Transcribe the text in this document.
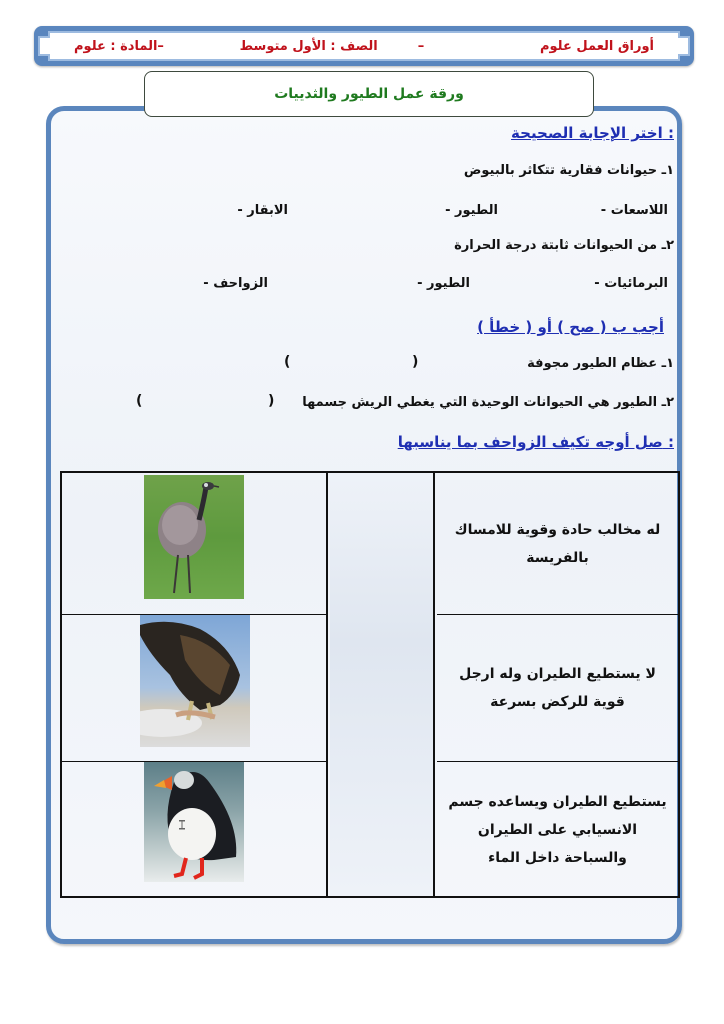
أوراق العمل علوم
–
الصف : الأول متوسط
–المادة : علوم
ورقة عمل الطيور والثدييات
اختر الإجابة الصحيحة :
١ـ حيوانات فقارية تتكاثر بالبيوض
- اللاسعات
- الطيور
- الابقار
٢ـ من الحيوانات ثابتة درجة الحرارة
- البرمائيات
- الطيور
- الزواحف
أجب ب ( صح ) أو ( خطأ )
١ـ عظام الطيور مجوفة
)
(
٢ـ الطيور هي الحيوانات الوحيدة التي يغطي الريش جسمها
)
(
صل أوجه تكيف الزواحف بما يناسبها :
له مخالب حادة وقوية للامساك بالفريسة
لا يستطيع الطيران وله ارجل قوية للركض بسرعة
يستطيع الطيران ويساعده جسم الانسيابي على الطيران والسباحة داخل الماء
